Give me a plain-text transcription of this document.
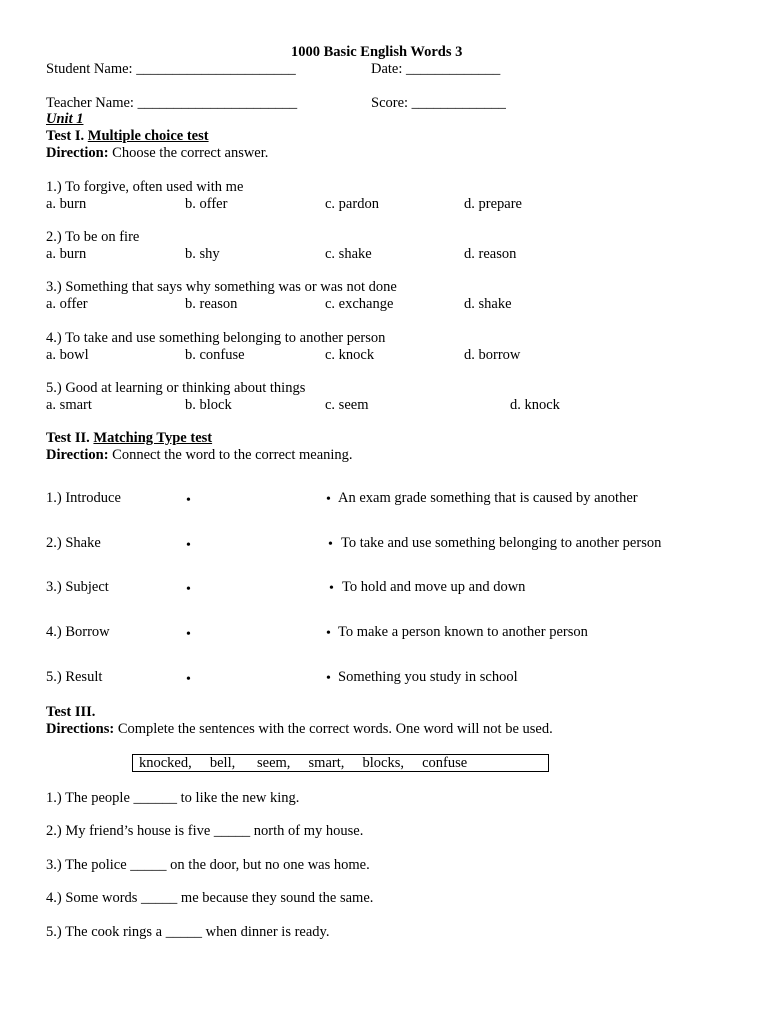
1000 Basic English Words 3
Student Name: ______________________	Date: _____________
Teacher Name: ______________________	Score: _____________
Unit 1
Test I. Multiple choice test
Direction: Choose the correct answer.
1.) To forgive, often used with me
a. burn	b. offer	c. pardon	d. prepare
2.) To be on fire
a. burn	b. shy	c. shake	d. reason
3.) Something that says why something was or was not done
a. offer	b. reason	c. exchange	d. shake
4.) To take and use something belonging to another person
a. bowl	b. confuse	c. knock	d. borrow
5.) Good at learning or thinking about things
a. smart	b. block	c. seem	d. knock
Test II. Matching Type test
Direction: Connect the word to the correct meaning.
1.) Introduce	•	• An exam grade something that is caused by another
2.) Shake	•	• To take and use something belonging to another person
3.) Subject	•	• To hold and move up and down
4.) Borrow	•	• To make a person known to another person
5.) Result	•	• Something you study in school
Test III.
Directions: Complete the sentences with the correct words. One word will not be used.
knocked,     bell,      seem,     smart,     blocks,     confuse
1.) The people ______ to like the new king.
2.) My friend’s house is five _____ north of my house.
3.) The police _____ on the door, but no one was home.
4.) Some words _____ me because they sound the same.
5.) The cook rings a _____ when dinner is ready.
